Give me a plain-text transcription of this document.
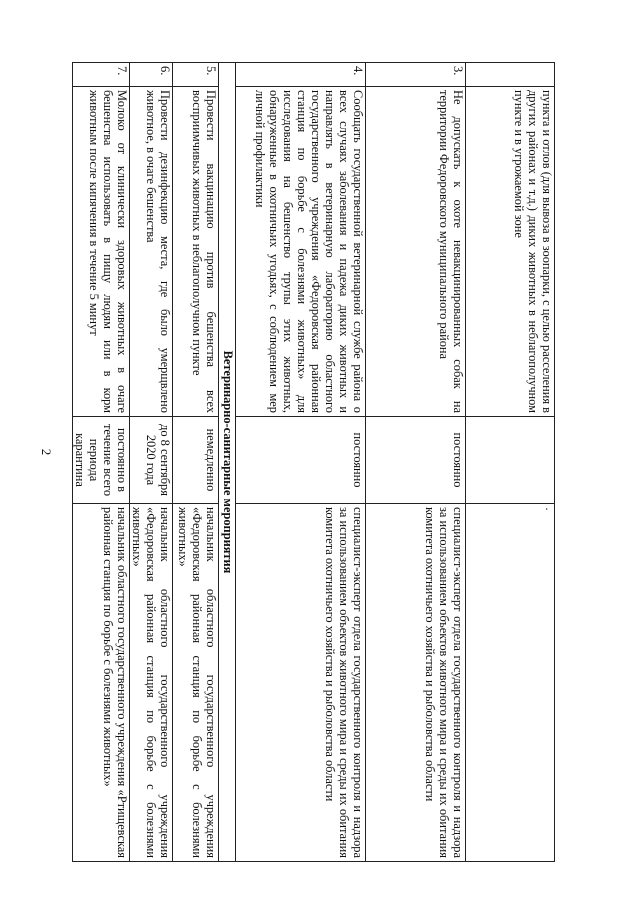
2
	пункта и отлов (для вывоза в зоопарки, с целью расселения в других районах и т.д.) диких животных в неблагополучном пункте и в угрожаемой зоне		·
3.	Не допускать к охоте невакцинированных собак на территории Федоровского муниципального района	постоянно	специалист-эксперт отдела государственного контроля и надзора за использованием объектов животного мира и среды их обитания комитета охотничьего хозяйства и рыболовства области
4.	Сообщать государственной ветеринарной службе района о всех случаях заболевания и падежа диких животных и направлять в ветеринарную лабораторию областного государственного учреждения «Федоровская районная станция по борьбе с болезнями животных» для исследования на бешенство трупы этих животных, обнаруженные в охотничьих угодьях, с соблюдением мер личной профилактики	постоянно	специалист-эксперт отдела государственного контроля и надзора за использованием объектов животного мира и среды их обитания комитета охотничьего хозяйства и рыболовства области
Ветеринарно-санитарные мероприятия			
5.	Провести вакцинацию против бешенства всех восприимчивых животных в неблагополучном пункте	немедленно	начальник областного государственного учреждения «Федоровская районная станция по борьбе с болезнями животных»
6.	Провести дезинфекцию места, где было умерщвлено животное, в очаге бешенства	до 8 сентября 2020 года	начальник областного государственного учреждения «Федоровская районная станция по борьбе с болезнями животных»
7.	Молоко от клинически здоровых животных в очаге бешенства использовать в пищу людям или в корм животным после кипячения в течение 5 минут	постоянно в течение всего периода карантина	начальник областного государственного учреждения «Ртищевская районная станция по борьбе с болезнями животных»
